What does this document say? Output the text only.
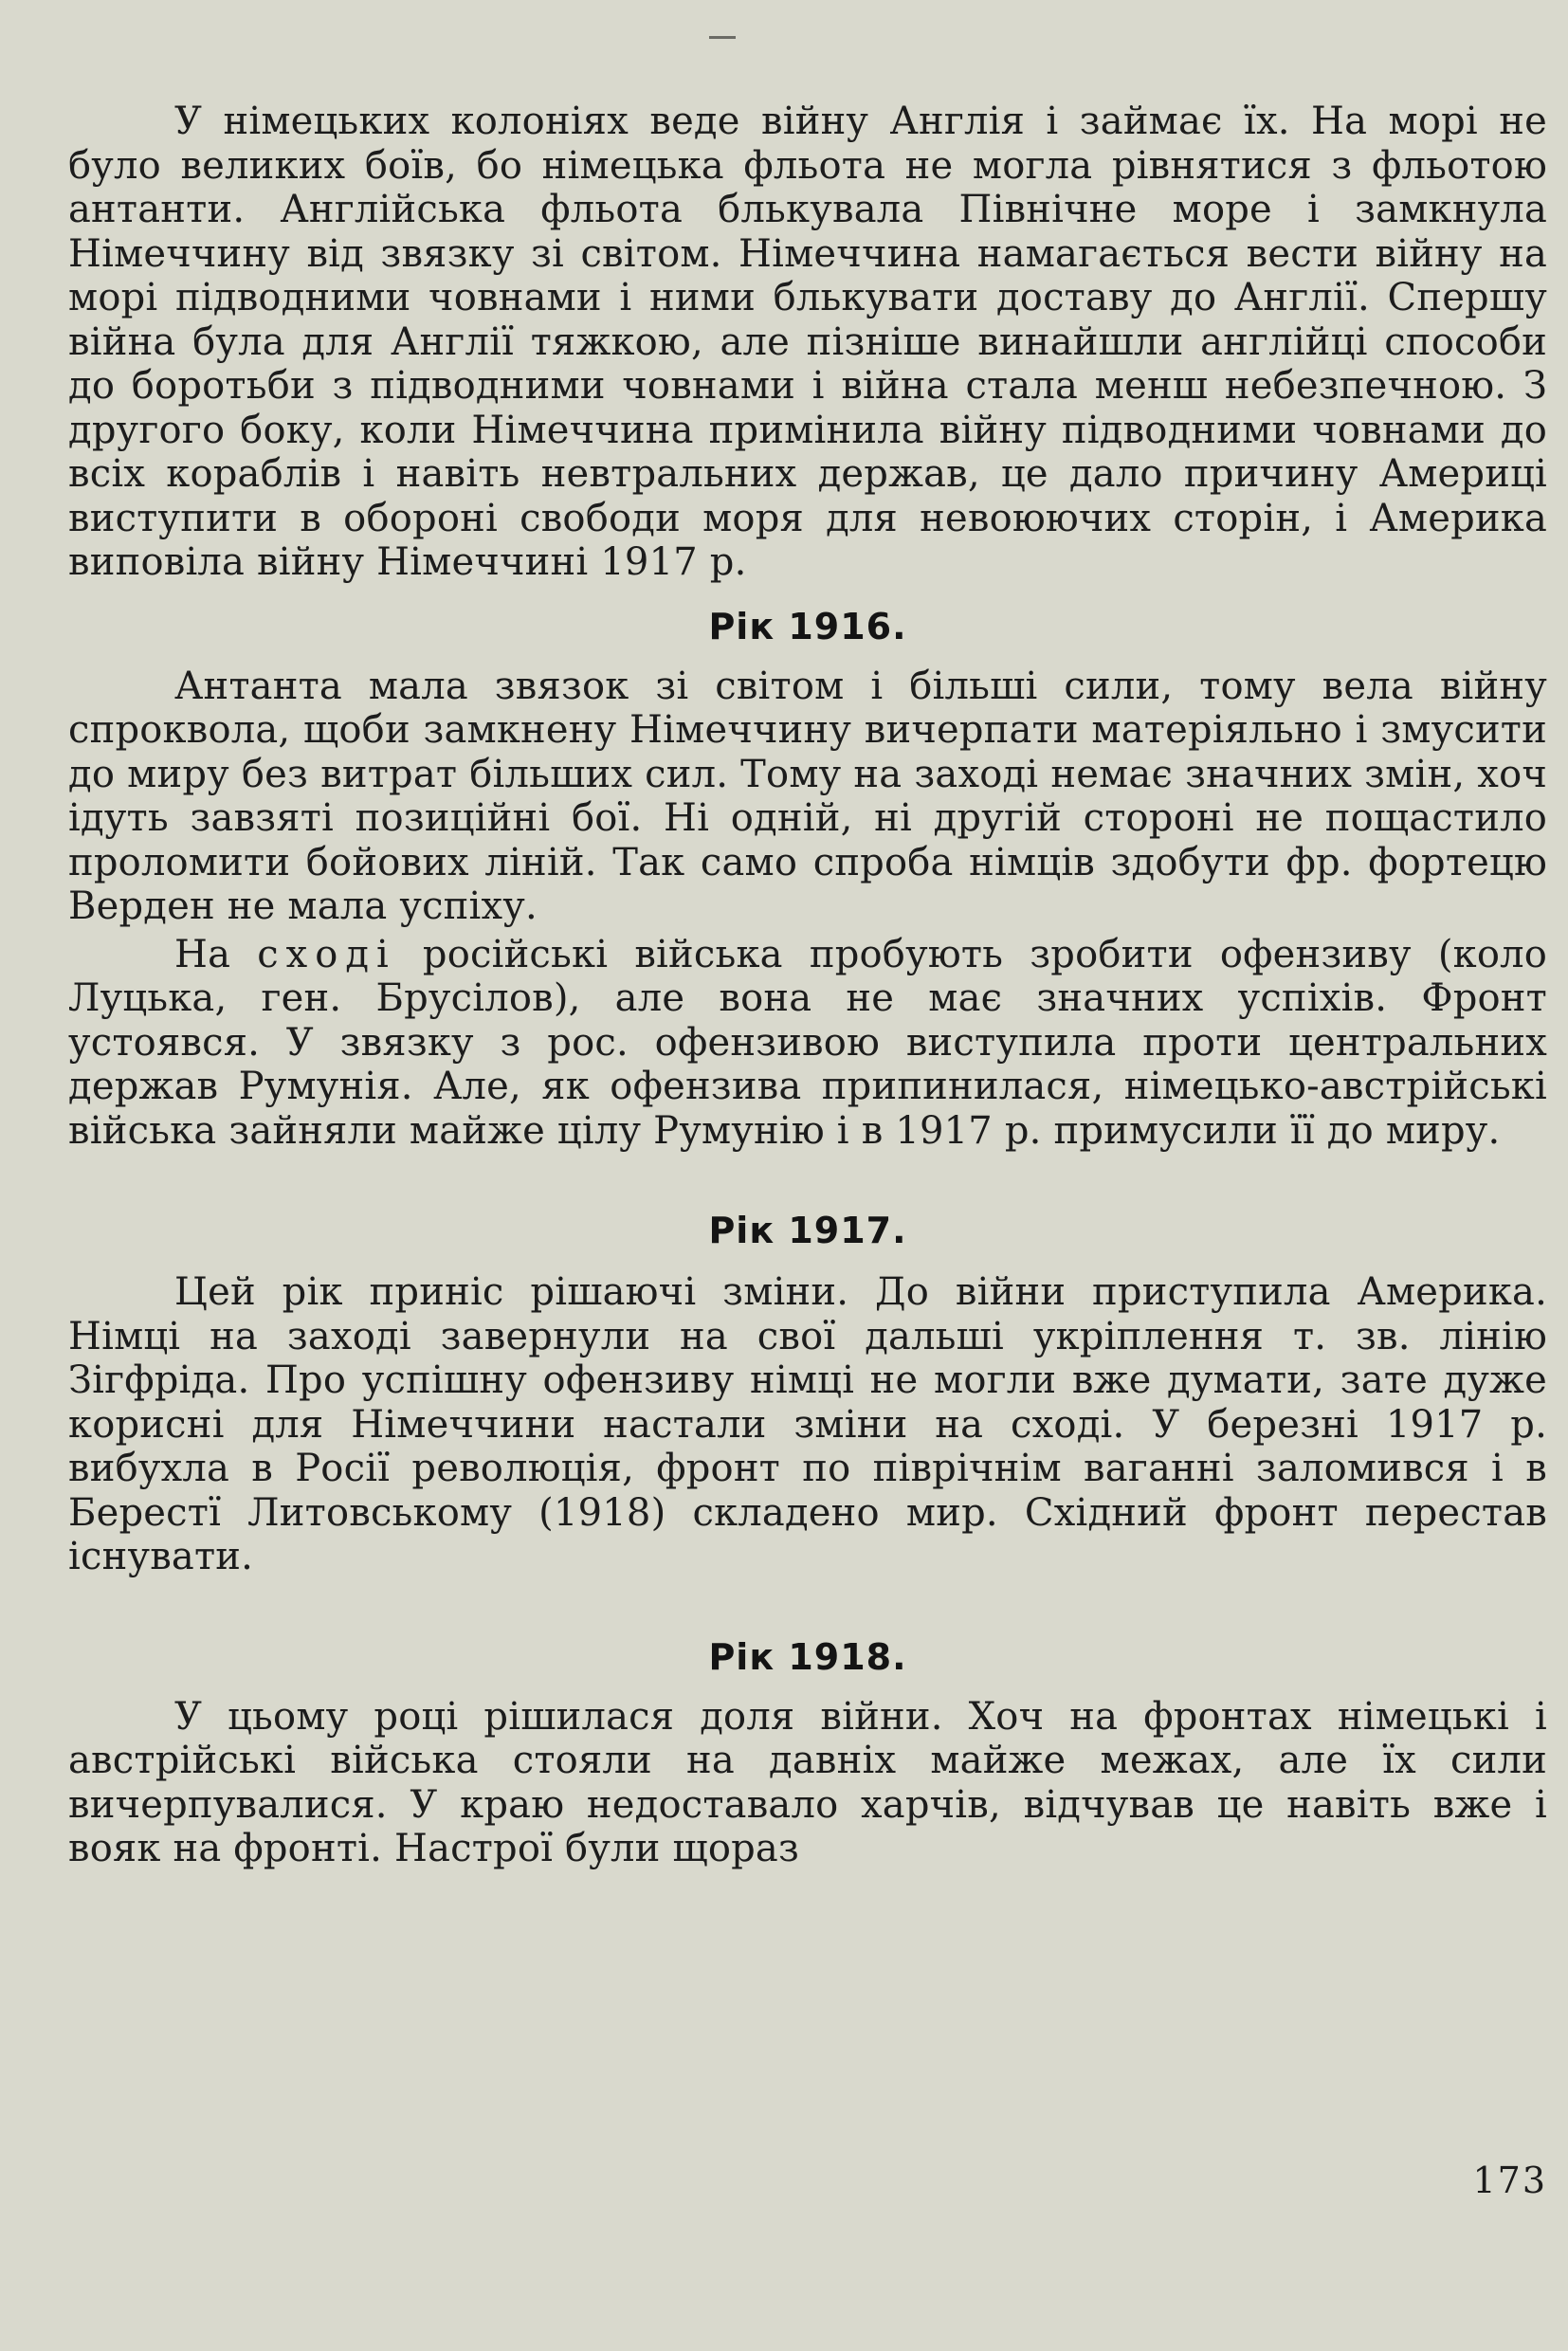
У німецьких колоніях веде війну Англія і займає їх. На морі не було великих боїв, бо німецька фльота не могла рівнятися з фльотою антанти. Англійська фльота блькувала Північне море і замкнула Німеччину від звязку зі світом. Німеччина намагається вести війну на морі підводними човнами і ними блькувати доставу до Англії. Спершу війна була для Англії тяжкою, але пізніше винайшли англійці способи до боротьби з підводними човнами і війна стала менш небезпечною. З другого боку, коли Німеччина примінила війну підводними човнами до всіх кораблів і навіть невтральних держав, це дало причину Америці виступити в обороні свободи моря для невоюючих сторін, і Америка виповіла війну Німеччині 1917 р.

Рік 1916.

Антанта мала звязок зі світом і більші сили, тому вела війну спроквола, щоби замкнену Німеччину вичерпати матеріяльно і змусити до миру без витрат більших сил. Тому на заході немає значних змін, хоч ідуть завзяті позиційні бої. Ні одній, ні другій стороні не пощастило проломити бойових ліній. Так само спроба німців здобути фр. фортецю Верден не мала успіху.

На сході російські війська пробують зробити офензиву (коло Луцька, ген. Брусілов), але вона не має значних успіхів. Фронт устоявся. У звязку з рос. офензивою виступила проти центральних держав Румунія. Але, як офензива припинилася, німецько-австрійські війська зайняли майже цілу Румунію і в 1917 р. примусили її до миру.

Рік 1917.

Цей рік приніс рішаючі зміни. До війни приступила Америка. Німці на заході завернули на свої дальші укріплення т. зв. лінію Зігфріда. Про успішну офензиву німці не могли вже думати, зате дуже корисні для Німеччини настали зміни на сході. У березні 1917 р. вибухла в Росії революція, фронт по піврічнім ваганні заломився і в Берестї Литовському (1918) складено мир. Східний фронт перестав існувати.

Рік 1918.

У цьому році рішилася доля війни. Хоч на фронтах німецькі і австрійські війська стояли на давніх майже межах, але їх сили вичерпувалися. У краю недоставало харчів, відчував це навіть вже і вояк на фронті. Настрої були щораз

173
